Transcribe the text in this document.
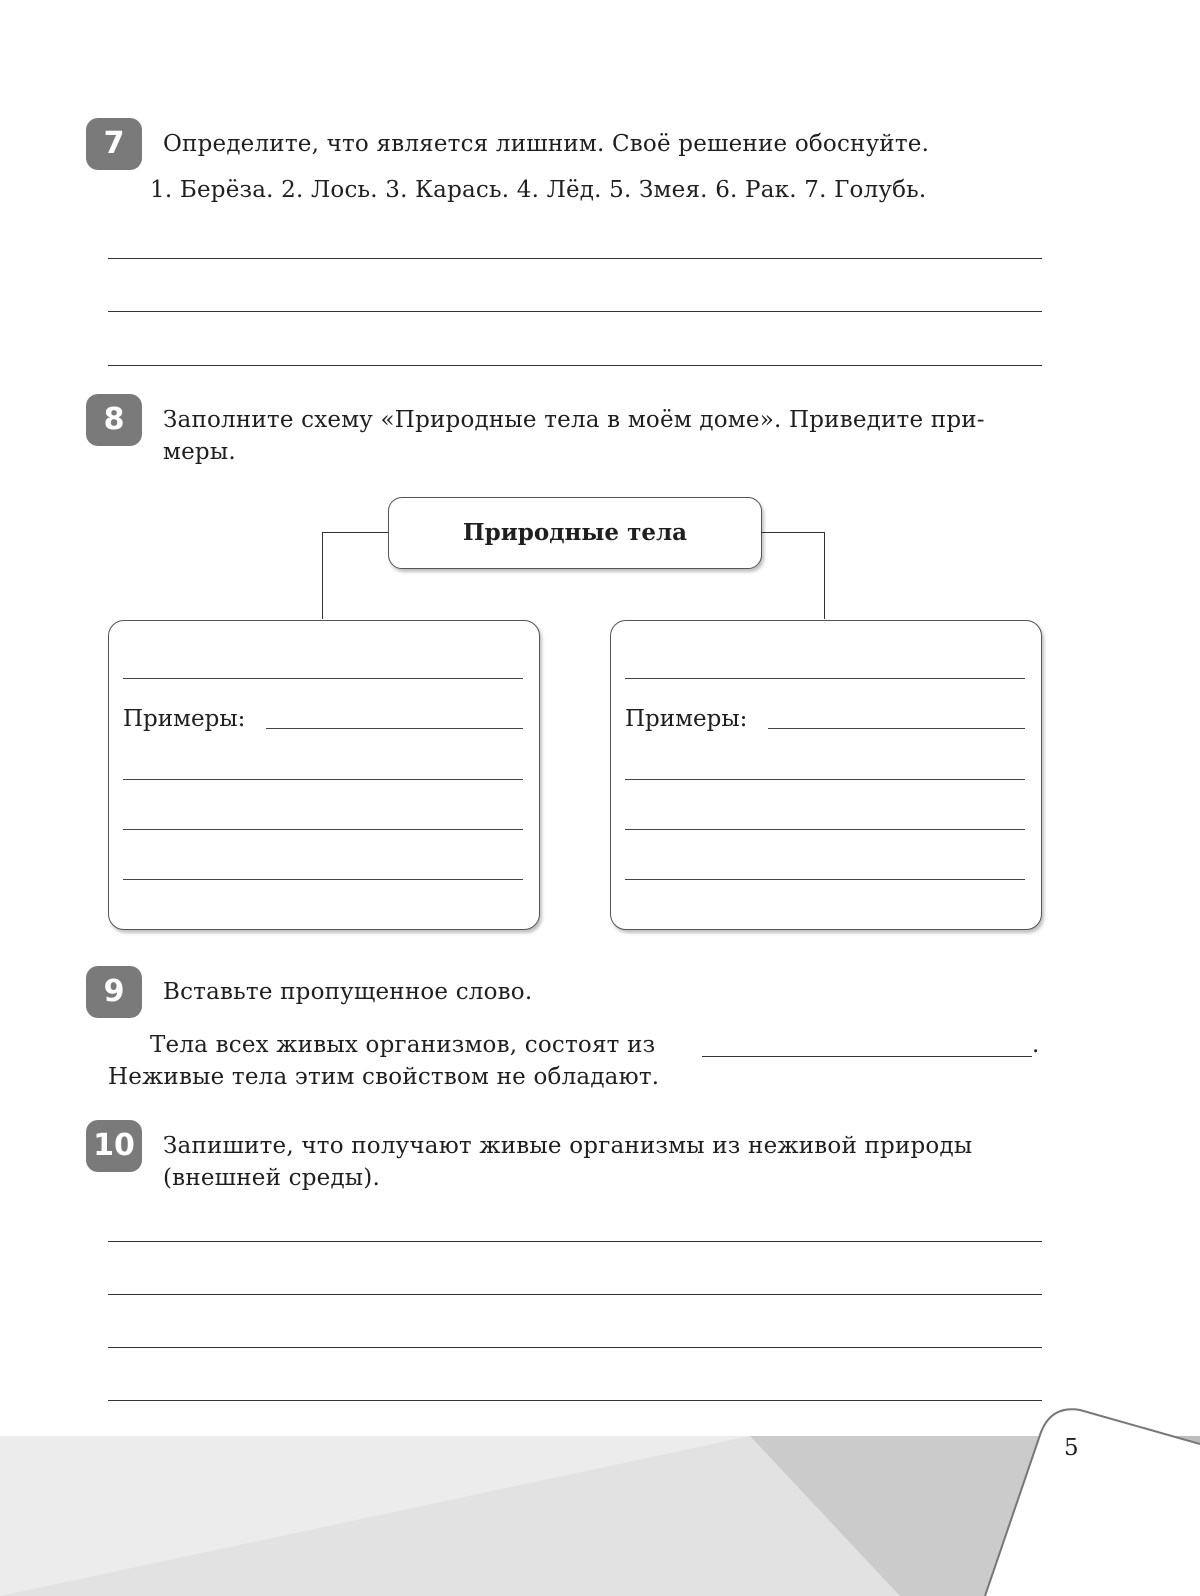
7	Определите, что является лишним. Своё решение обоснуйте.
1. Берёза. 2. Лось. 3. Карась. 4. Лёд. 5. Змея. 6. Рак. 7. Голубь.
8	Заполните схему «Природные тела в моём доме». Приведите при-
меры.
Природные тела
Примеры:	Примеры:
9	Вставьте пропущенное слово.
Тела всех живых организмов, состоят из	.
Неживые тела этим свойством не обладают.
10	Запишите, что получают живые организмы из неживой природы
(внешней среды).
5
